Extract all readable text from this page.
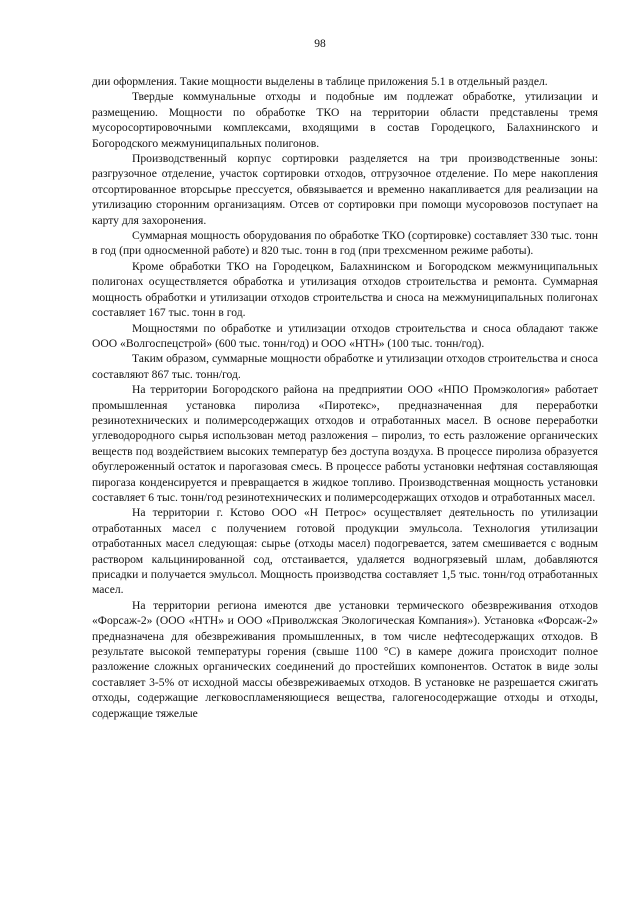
98

дии оформления. Такие мощности выделены в таблице приложения 5.1 в отдельный раздел.

Твердые коммунальные отходы и подобные им подлежат обработке, утилизации и размещению. Мощности по обработке ТКО на территории области представлены тремя мусоросортировочными комплексами, входящими в состав Городецкого, Балахнинского и Богородского межмуниципальных полигонов.

Производственный корпус сортировки разделяется на три производственные зоны: разгрузочное отделение, участок сортировки отходов, отгрузочное отделение. По мере накопления отсортированное вторсырье прессуется, обвязывается и временно накапливается для реализации на утилизацию сторонним организациям. Отсев от сортировки при помощи мусоровозов поступает на карту для захоронения.

Суммарная мощность оборудования по обработке ТКО (сортировке) составляет 330 тыс. тонн в год (при односменной работе) и 820 тыс. тонн в год (при трехсменном режиме работы).

Кроме обработки ТКО на Городецком, Балахнинском и Богородском межмуниципальных полигонах осуществляется обработка и утилизация отходов строительства и ремонта. Суммарная мощность обработки и утилизации отходов строительства и сноса на межмуниципальных полигонах составляет 167 тыс. тонн в год.

Мощностями по обработке и утилизации отходов строительства и сноса обладают также ООО «Волгоспецстрой» (600 тыс. тонн/год) и ООО «НТН» (100 тыс. тонн/год).

Таким образом, суммарные мощности обработке и утилизации отходов строительства и сноса составляют 867 тыс. тонн/год.

На территории Богородского района на предприятии ООО «НПО Промэкология» работает промышленная установка пиролиза «Пиротекс», предназначенная для переработки резинотехнических и полимерсодержащих отходов и отработанных масел. В основе переработки углеводородного сырья использован метод разложения – пиролиз, то есть разложение органических веществ под воздействием высоких температур без доступа воздуха. В процессе пиролиза образуется обуглероженный остаток и парогазовая смесь. В процессе работы установки нефтяная составляющая пирогаза конденсируется и превращается в жидкое топливо. Производственная мощность установки составляет 6 тыс. тонн/год резинотехнических и полимерсодержащих отходов и отработанных масел.

На территории г. Кстово ООО «Н Петрос» осуществляет деятельность по утилизации отработанных масел с получением готовой продукции эмульсола. Технология утилизации отработанных масел следующая: сырье (отходы масел) подогревается, затем смешивается с водным раствором кальцинированной сод, отстаивается, удаляется водногрязевый шлам, добавляются присадки и получается эмульсол. Мощность производства составляет 1,5 тыс. тонн/год отработанных масел.

На территории региона имеются две установки термического обезвреживания отходов «Форсаж-2» (ООО «НТН» и ООО «Приволжская Экологическая Компания»). Установка «Форсаж-2» предназначена для обезвреживания промышленных, в том числе нефтесодержащих отходов. В результате высокой температуры горения (свыше 1100 °С) в камере дожига происходит полное разложение сложных органических соединений до простейших компонентов. Остаток в виде золы составляет 3-5% от исходной массы обезвреживаемых отходов. В установке не разрешается сжигать отходы, содержащие легковоспламеняющиеся вещества, галогеносодержащие отходы и отходы, содержащие тяжелые
